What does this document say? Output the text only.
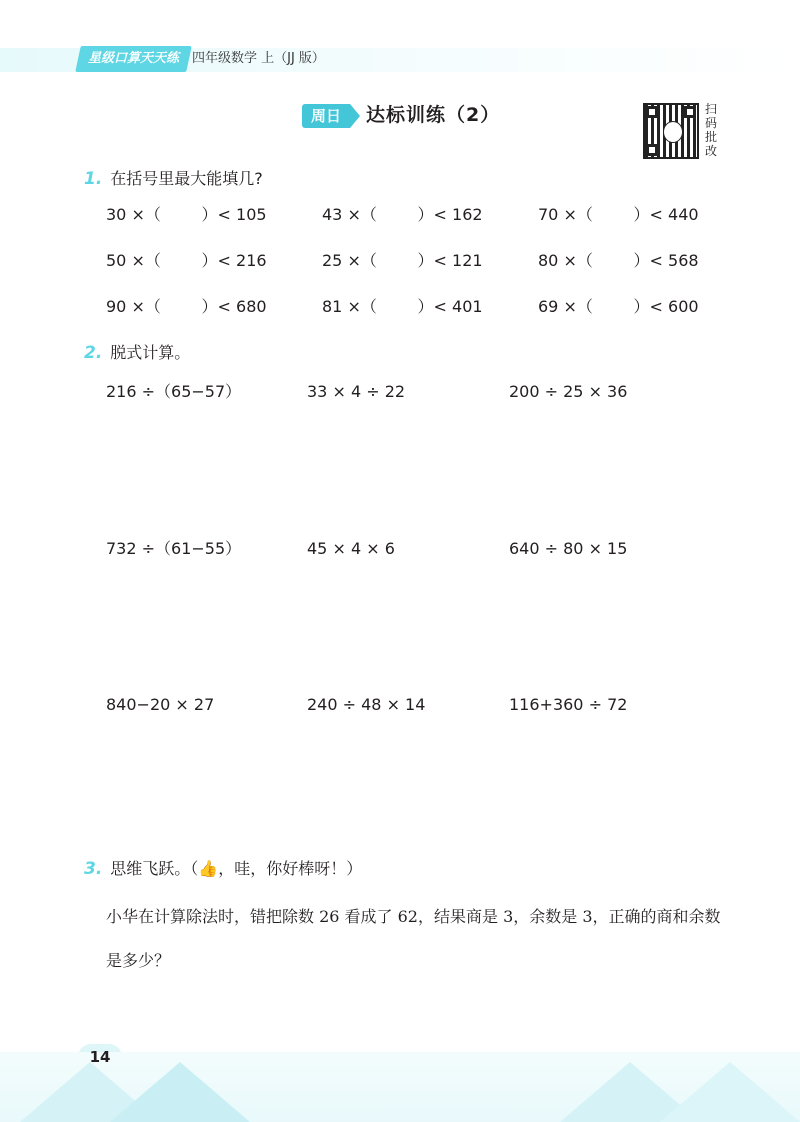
星级口算天天练 四年级数学 上（JJ 版）
周日	达标训练（2）	扫码批改
1. 在括号里最大能填几?
30 ×（        ）< 105	43 ×（        ）< 162	70 ×（        ）< 440
50 ×（        ）< 216	25 ×（        ）< 121	80 ×（        ）< 568
90 ×（        ）< 680	81 ×（        ）< 401	69 ×（        ）< 600
2. 脱式计算。
216 ÷（65−57）	33 × 4 ÷ 22	200 ÷ 25 × 36
732 ÷（61−55）	45 × 4 × 6	640 ÷ 80 × 15
840−20 × 27	240 ÷ 48 × 14	116+360 ÷ 72
3. 思维飞跃。（👍，哇，你好棒呀！）
小华在计算除法时，错把除数 26 看成了 62，结果商是 3，余数是 3，正确的商和余数是多少？
14
